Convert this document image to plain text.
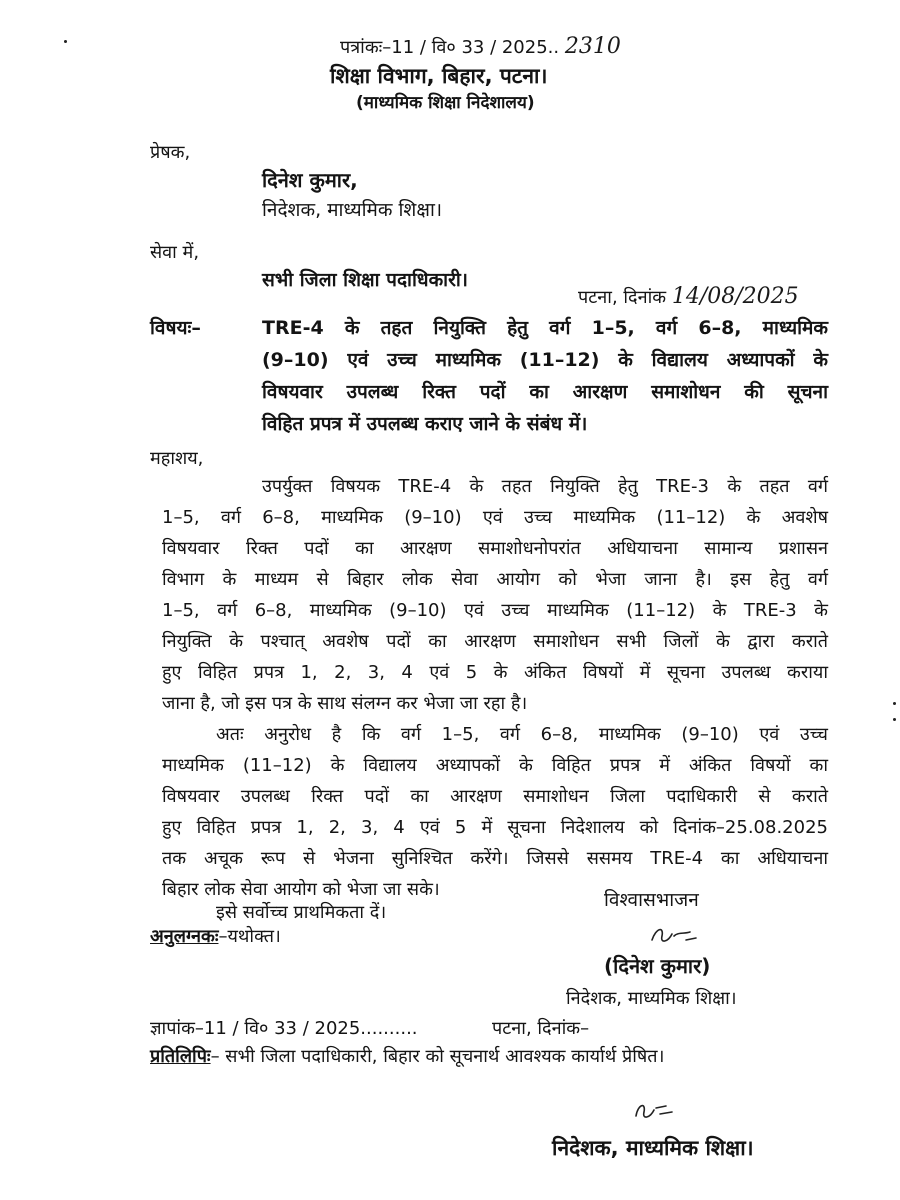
पत्रांकः–11 / वि० 33 / 2025.. 2310
शिक्षा विभाग, बिहार, पटना।
(माध्यमिक शिक्षा निदेशालय)
प्रेषक,
दिनेश कुमार,
निदेशक, माध्यमिक शिक्षा।
सेवा में,
सभी जिला शिक्षा पदाधिकारी।
पटना, दिनांक 14/08/2025
विषयः–	TRE-4 के तहत नियुक्ति हेतु वर्ग 1–5, वर्ग 6–8, माध्यमिक
(9–10) एवं उच्च माध्यमिक (11–12) के विद्यालय अध्यापकों के
विषयवार उपलब्ध रिक्त पदों का आरक्षण समाशोधन की सूचना
विहित प्रपत्र में उपलब्ध कराए जाने के संबंध में।
महाशय,
उपर्युक्त विषयक TRE-4 के तहत नियुक्ति हेतु TRE-3 के तहत वर्ग
1–5, वर्ग 6–8, माध्यमिक (9–10) एवं उच्च माध्यमिक (11–12) के अवशेष
विषयवार रिक्त पदों का आरक्षण समाशोधनोपरांत अधियाचना सामान्य प्रशासन
विभाग के माध्यम से बिहार लोक सेवा आयोग को भेजा जाना है। इस हेतु वर्ग
1–5, वर्ग 6–8, माध्यमिक (9–10) एवं उच्च माध्यमिक (11–12) के TRE-3 के
नियुक्ति के पश्चात् अवशेष पदों का आरक्षण समाशोधन सभी जिलों के द्वारा कराते
हुए विहित प्रपत्र 1, 2, 3, 4 एवं 5 के अंकित विषयों में सूचना उपलब्ध कराया
जाना है, जो इस पत्र के साथ संलग्न कर भेजा जा रहा है।
अतः अनुरोध है कि वर्ग 1–5, वर्ग 6–8, माध्यमिक (9–10) एवं उच्च
माध्यमिक (11–12) के विद्यालय अध्यापकों के विहित प्रपत्र में अंकित विषयों का
विषयवार उपलब्ध रिक्त पदों का आरक्षण समाशोधन जिला पदाधिकारी से कराते
हुए विहित प्रपत्र 1, 2, 3, 4 एवं 5 में सूचना निदेशालय को दिनांक–25.08.2025
तक अचूक रूप से भेजना सुनिश्चित करेंगे। जिससे ससमय TRE-4 का अधियाचना
बिहार लोक सेवा आयोग को भेजा जा सके।
इसे सर्वोच्च प्राथमिकता दें।
विश्वासभाजन
अनुलग्नकः–यथोक्त।
(दिनेश कुमार)
निदेशक, माध्यमिक शिक्षा।
ज्ञापांक–11 / वि० 33 / 2025..........	पटना, दिनांक–
प्रतिलिपिः– सभी जिला पदाधिकारी, बिहार को सूचनार्थ आवश्यक कार्यार्थ प्रेषित।
निदेशक, माध्यमिक शिक्षा।
